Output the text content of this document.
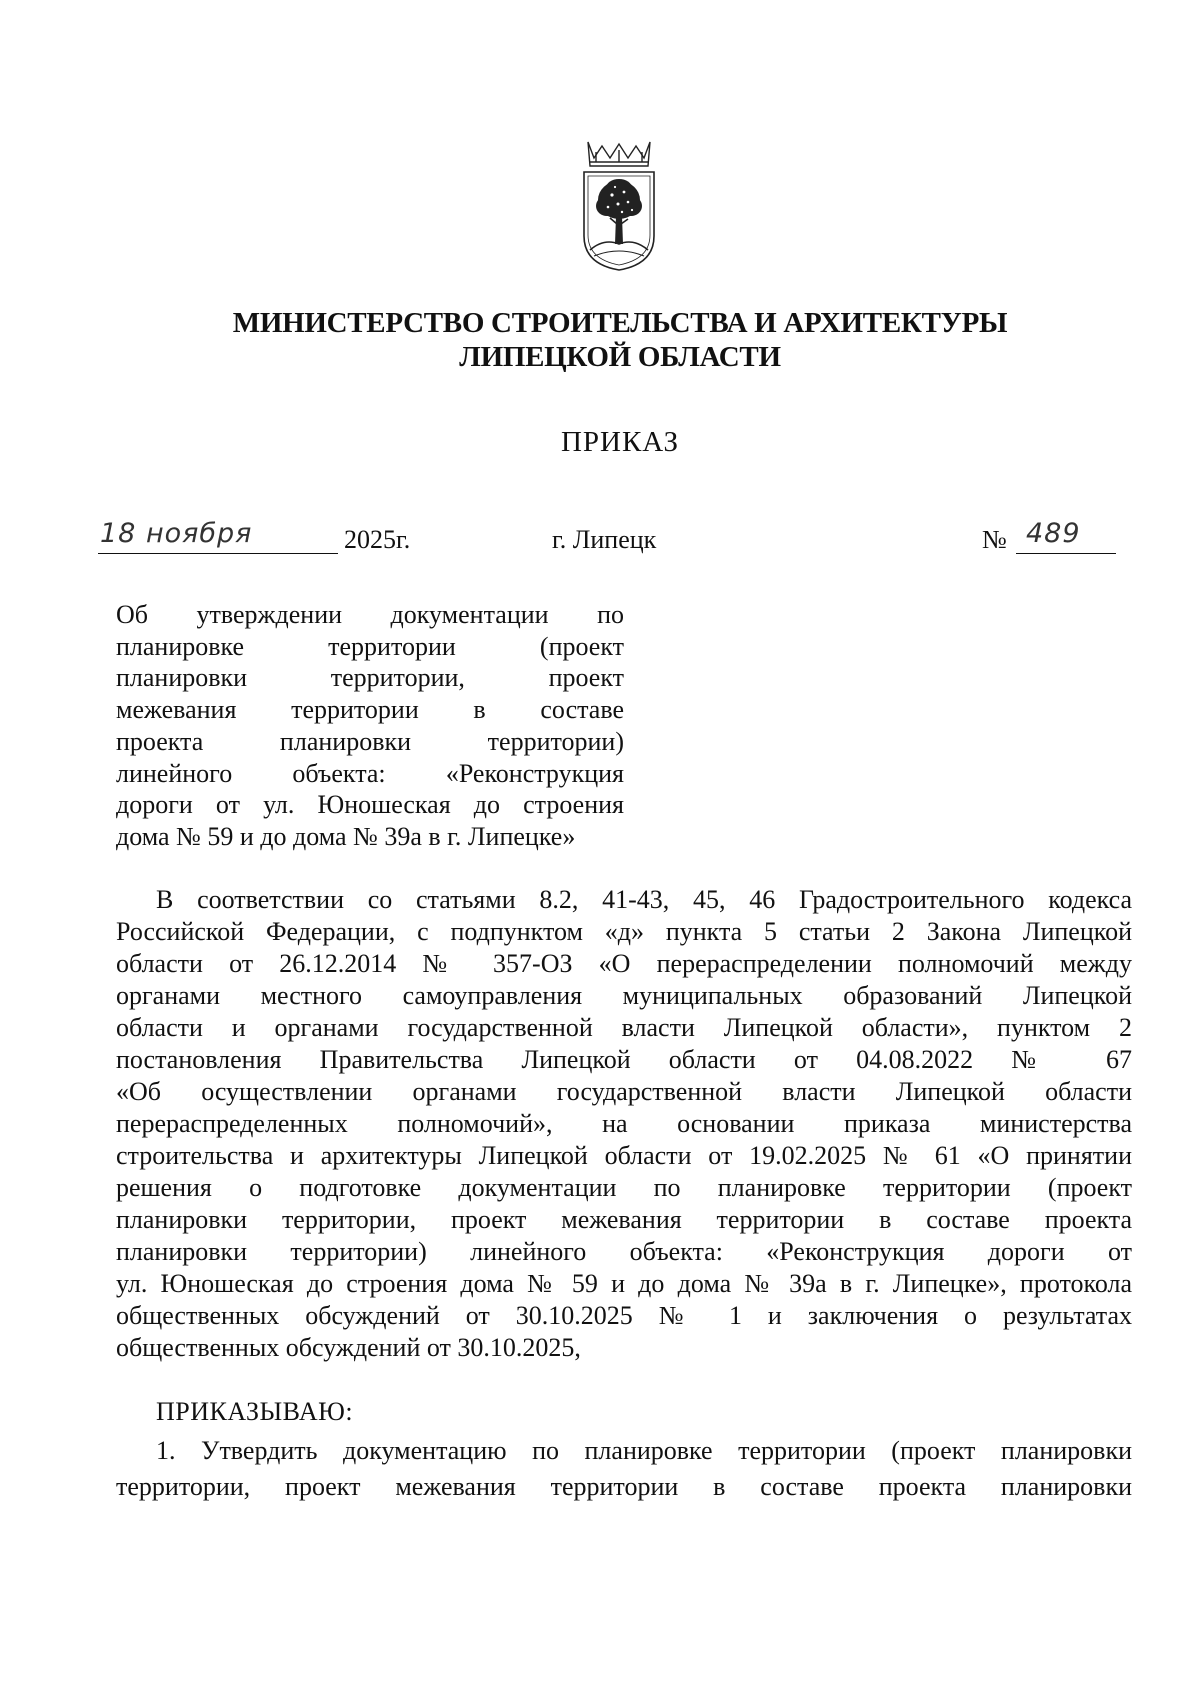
МИНИСТЕРСТВО СТРОИТЕЛЬСТВА И АРХИТЕКТУРЫ
ЛИПЕЦКОЙ ОБЛАСТИ
ПРИКАЗ
18 ноября	2025г.	г. Липецк	№ 489
Об утверждении документации по
планировке территории (проект
планировки территории, проект
межевания территории в составе
проекта планировки территории)
линейного объекта: «Реконструкция
дороги от ул. Юношеская до строения
дома № 59 и до дома № 39а в г. Липецке»
В соответствии со статьями 8.2, 41-43, 45, 46 Градостроительного кодекса
Российской Федерации, с подпунктом «д» пункта 5 статьи 2 Закона Липецкой
области от 26.12.2014 № 357-ОЗ «О перераспределении полномочий между
органами местного самоуправления муниципальных образований Липецкой
области и органами государственной власти Липецкой области», пунктом 2
постановления Правительства Липецкой области от 04.08.2022 № 67
«Об осуществлении органами государственной власти Липецкой области
перераспределенных полномочий», на основании приказа министерства
строительства и архитектуры Липецкой области от 19.02.2025 № 61 «О принятии
решения о подготовке документации по планировке территории (проект
планировки территории, проект межевания территории в составе проекта
планировки территории) линейного объекта: «Реконструкция дороги от
ул. Юношеская до строения дома № 59 и до дома № 39а в г. Липецке», протокола
общественных обсуждений от 30.10.2025 № 1 и заключения о результатах
общественных обсуждений от 30.10.2025,
ПРИКАЗЫВАЮ:
1. Утвердить документацию по планировке территории (проект планировки
территории, проект межевания территории в составе проекта планировки
